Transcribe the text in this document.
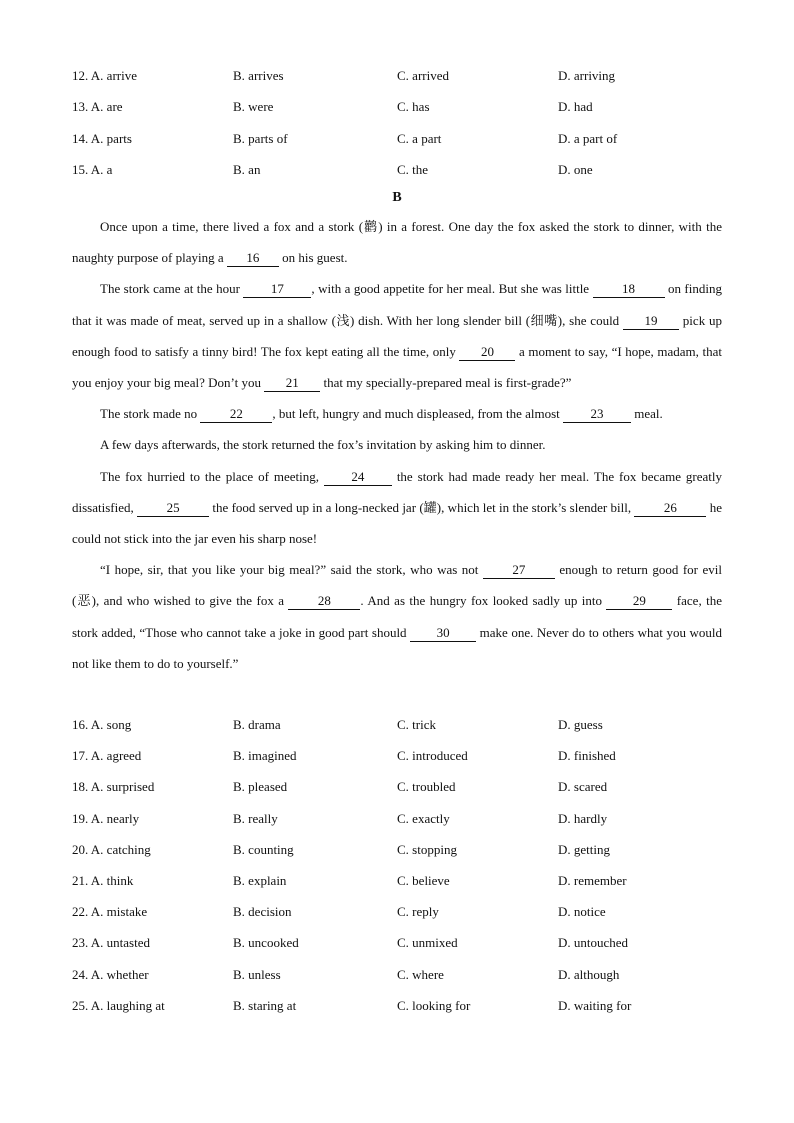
12. A. arrive	B. arrives	C. arrived	D. arriving
13. A. are	B. were	C. has	D. had
14. A. parts	B. parts of	C. a part	D. a part of
15. A. a	B. an	C. the	D. one
B

Once upon a time, there lived a fox and a stork (鹳) in a forest. One day the fox asked the stork to dinner, with the naughty purpose of playing a 16 on his guest.

The stork came at the hour 17 , with a good appetite for her meal. But she was little 18 on finding that it was made of meat, served up in a shallow (浅) dish. With her long slender bill (细嘴), she could 19 pick up enough food to satisfy a tinny bird! The fox kept eating all the time, only 20 a moment to say, “I hope, madam, that you enjoy your big meal? Don’t you 21 that my specially-prepared meal is first-grade?”

The stork made no 22 , but left, hungry and much displeased, from the almost 23 meal.

A few days afterwards, the stork returned the fox’s invitation by asking him to dinner.

The fox hurried to the place of meeting, 24 the stork had made ready her meal. The fox became greatly dissatisfied, 25 the food served up in a long-necked jar (罐), which let in the stork’s slender bill, 26 he could not stick into the jar even his sharp nose!

“I hope, sir, that you like your big meal?” said the stork, who was not 27 enough to return good for evil (恶), and who wished to give the fox a 28 . And as the hungry fox looked sadly up into 29 face, the stork added, “Those who cannot take a joke in good part should 30 make one. Never do to others what you would not like them to do to yourself.”

16. A. song	B. drama	C. trick	D. guess
17. A. agreed	B. imagined	C. introduced	D. finished
18. A. surprised	B. pleased	C. troubled	D. scared
19. A. nearly	B. really	C. exactly	D. hardly
20. A. catching	B. counting	C. stopping	D. getting
21. A. think	B. explain	C. believe	D. remember
22. A. mistake	B. decision	C. reply	D. notice
23. A. untasted	B. uncooked	C. unmixed	D. untouched
24. A. whether	B. unless	C. where	D. although
25. A. laughing at	B. staring at	C. looking for	D. waiting for
